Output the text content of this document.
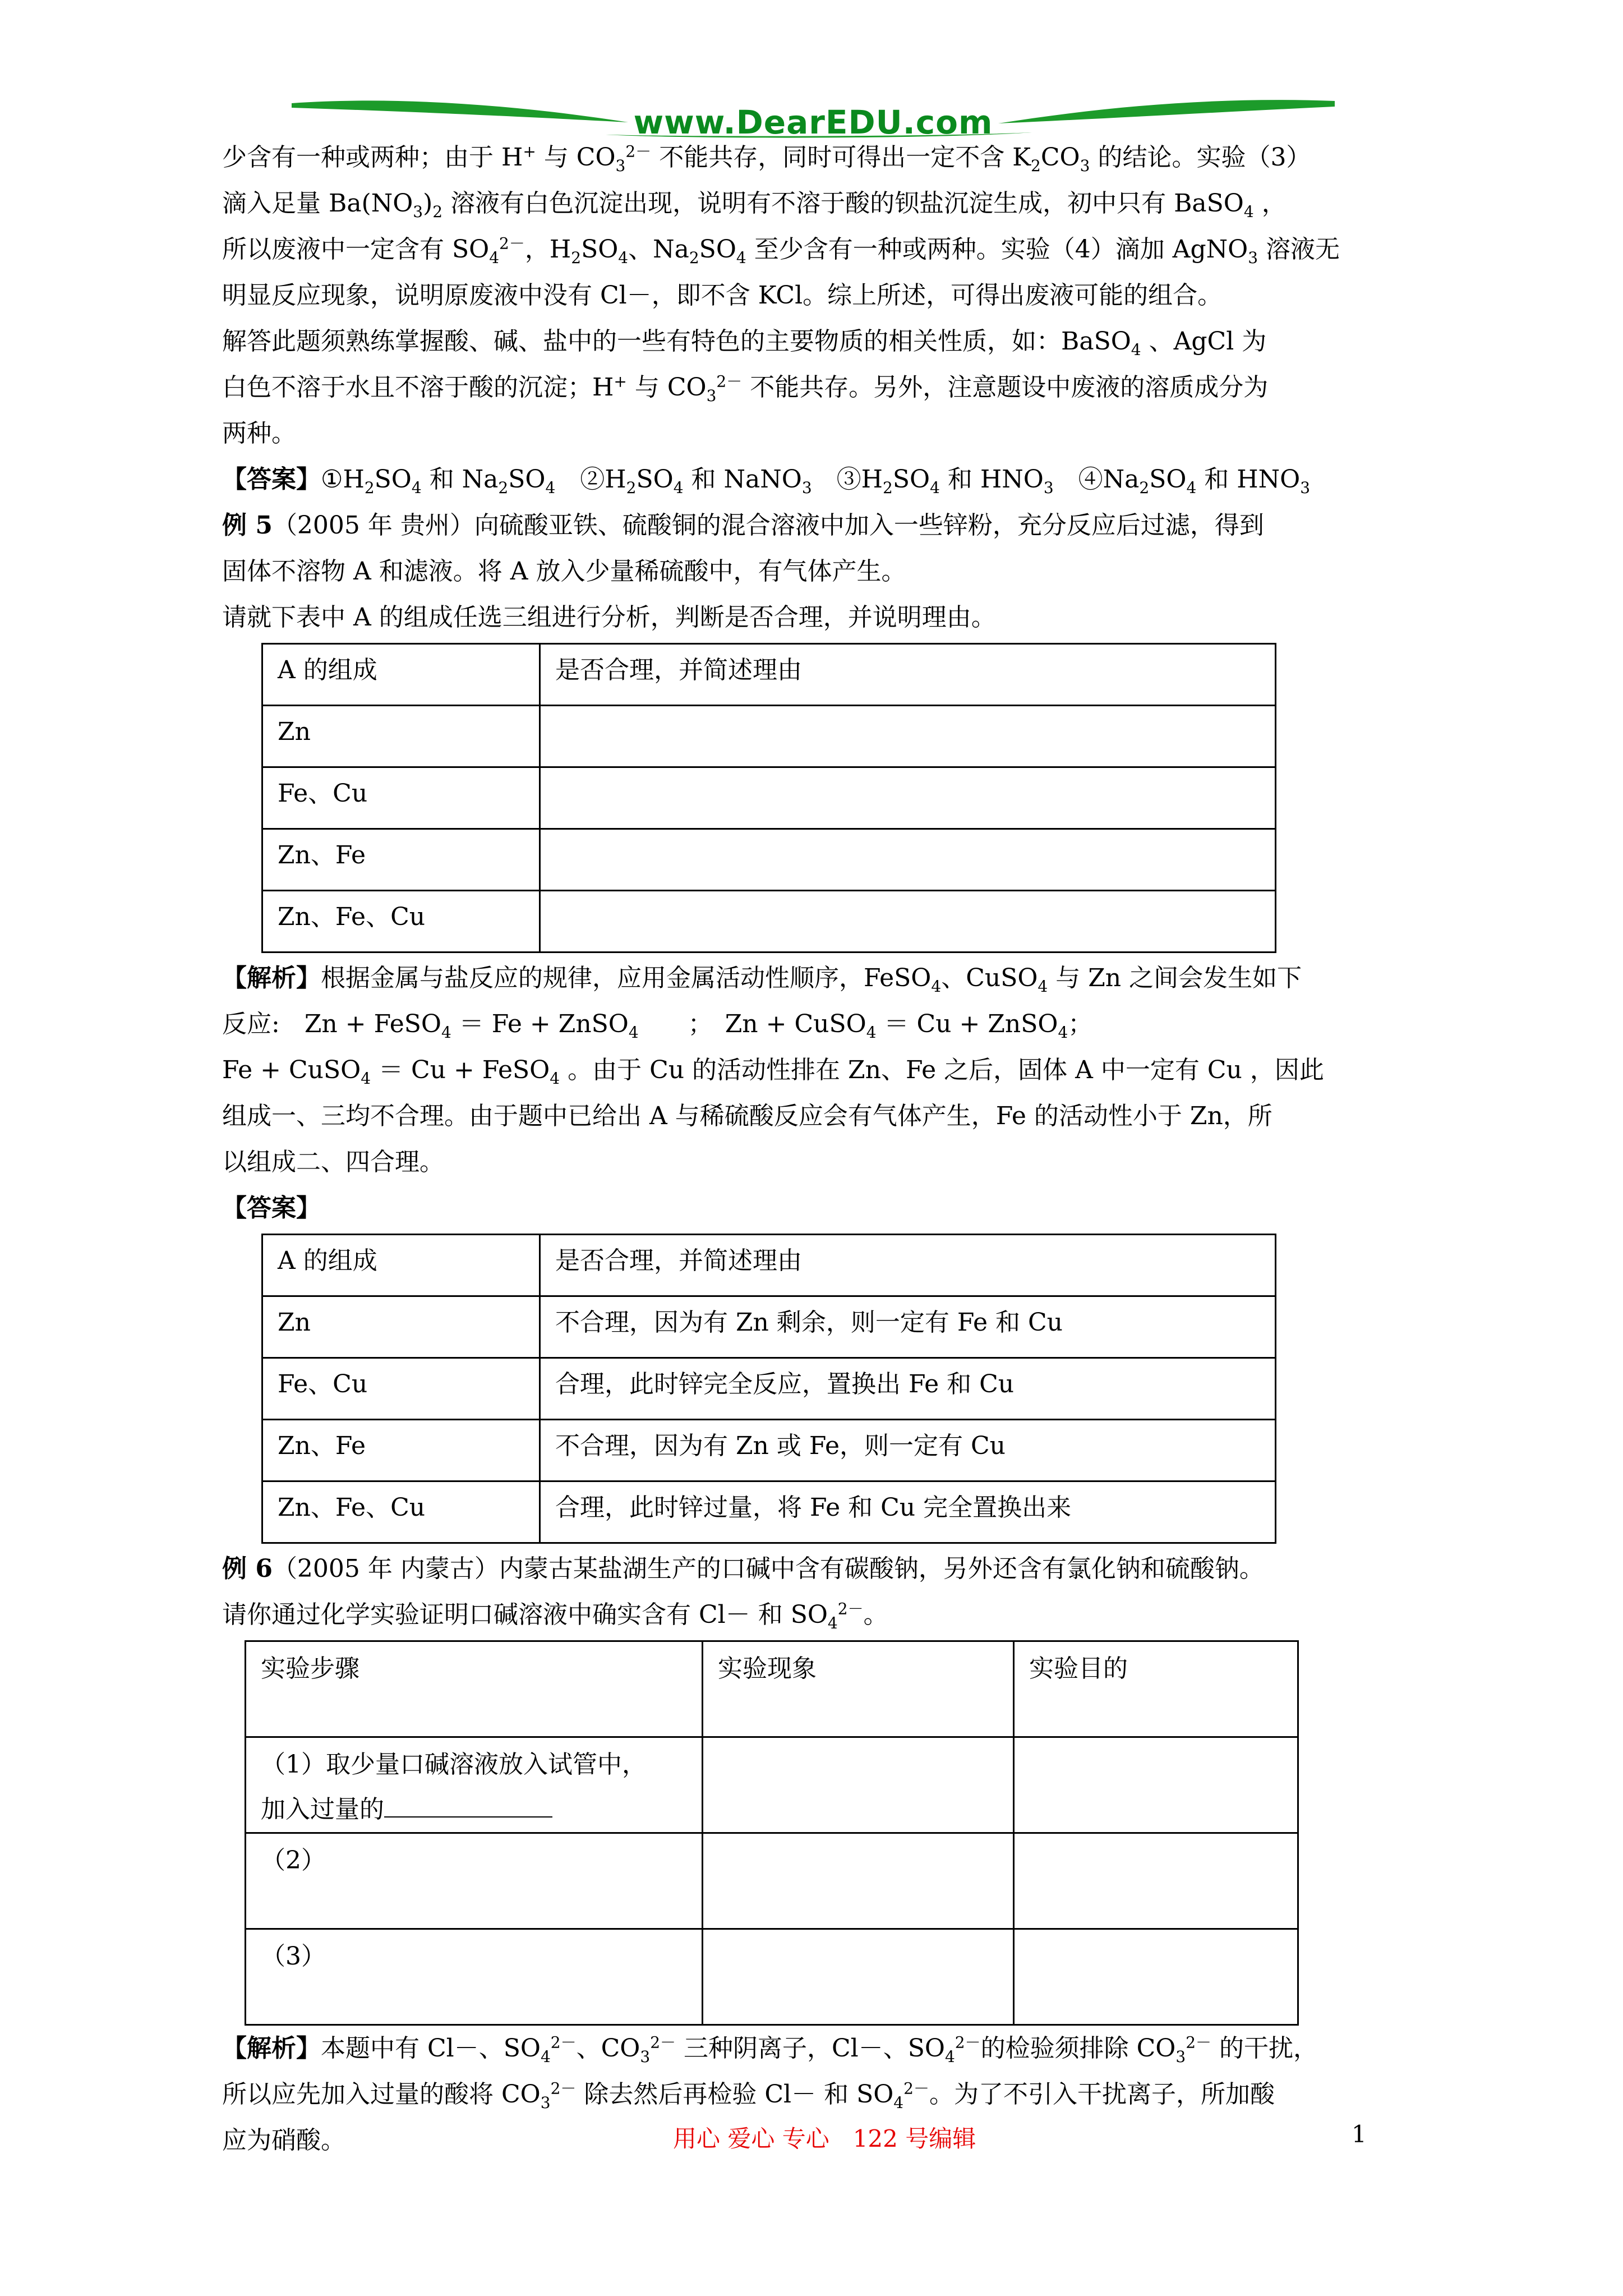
www.DearEDU.com

少含有一种或两种；由于 H+ 与 $CO_3^{2-}$ 不能共存，同时可得出一定不含 $K_2CO_3$ 的结论。实验（3）

滴入足量 $Ba(NO_3)_2$ 溶液有白色沉淀出现，说明有不溶于酸的钡盐沉淀生成，初中只有 BaSO$_4$ ，

所以废液中一定含有 $SO_4^{2-}$，$H_2SO_4$、$Na_2SO_4$ 至少含有一种或两种。实验（4）滴加 AgNO$_3$ 溶液无

明显反应现象，说明原废液中没有 Cl－，即不含 KCl。综上所述，可得出废液可能的组合。

解答此题须熟练掌握酸、碱、盐中的一些有特色的主要物质的相关性质，如：BaSO$_4$ 、AgCl 为

白色不溶于水且不溶于酸的沉淀；H+ 与 $CO_3^{2-}$ 不能共存。另外，注意题设中废液的溶质成分为

两种。

【答案】$①H_2SO_4$ 和 $Na_2SO_4$　$②H_2SO_4$ 和 NaNO$_3$　$③H_2SO_4$ 和 $HNO_3$　$④Na_2SO_4$ 和 $HNO_3$

例 5（2005 年 贵州）向硫酸亚铁、硫酸铜的混合溶液中加入一些锌粉，充分反应后过滤，得到

固体不溶物 A 和滤液。将 A 放入少量稀硫酸中，有气体产生。

请就下表中 A 的组成任选三组进行分析，判断是否合理，并说明理由。

A 的组成	是否合理，并简述理由
Zn	
Fe、Cu	
Zn、Fe	
Zn、Fe、Cu	

【解析】根据金属与盐反应的规律，应用金属活动性顺序，FeSO$_4$、CuSO$_4$ 与 Zn 之间会发生如下

反应:　Zn + FeSO$_4$ ＝ Fe + ZnSO$_4$　　；　Zn + CuSO$_4$ ＝ Cu + ZnSO$_4$；

Fe + CuSO$_4$ ＝ Cu + FeSO$_4$ 。由于 Cu 的活动性排在 Zn、Fe 之后，固体 A 中一定有 Cu ，因此

组成一、三均不合理。由于题中已给出 A 与稀硫酸反应会有气体产生，Fe 的活动性小于 Zn，所

以组成二、四合理。

【答案】

A 的组成	是否合理，并简述理由
Zn	不合理，因为有 Zn 剩余，则一定有 Fe 和 Cu
Fe、Cu	合理，此时锌完全反应，置换出 Fe 和 Cu
Zn、Fe	不合理，因为有 Zn 或 Fe，则一定有 Cu
Zn、Fe、Cu	合理，此时锌过量，将 Fe 和 Cu 完全置换出来

例 6（2005 年 内蒙古）内蒙古某盐湖生产的口碱中含有碳酸钠，另外还含有氯化钠和硫酸钠。

请你通过化学实验证明口碱溶液中确实含有 Cl－ 和 $SO_4^{2-}$。

实验步骤	实验现象	实验目的

（1）取少量口碱溶液放入试管中，
加入过量的		

（2）		
（3）		

【解析】本题中有 Cl－、$SO_4^{2-}$、$CO_3^{2-}$ 三种阴离子，Cl－、$SO_4^{2-}$的检验须排除 $CO_3^{2-}$ 的干扰，

所以应先加入过量的酸将 $CO_3^{2-}$ 除去然后再检验 Cl－ 和 $SO_4^{2-}$。为了不引入干扰离子，所加酸

应为硝酸。	用心 爱心 专心　122 号编辑	1
